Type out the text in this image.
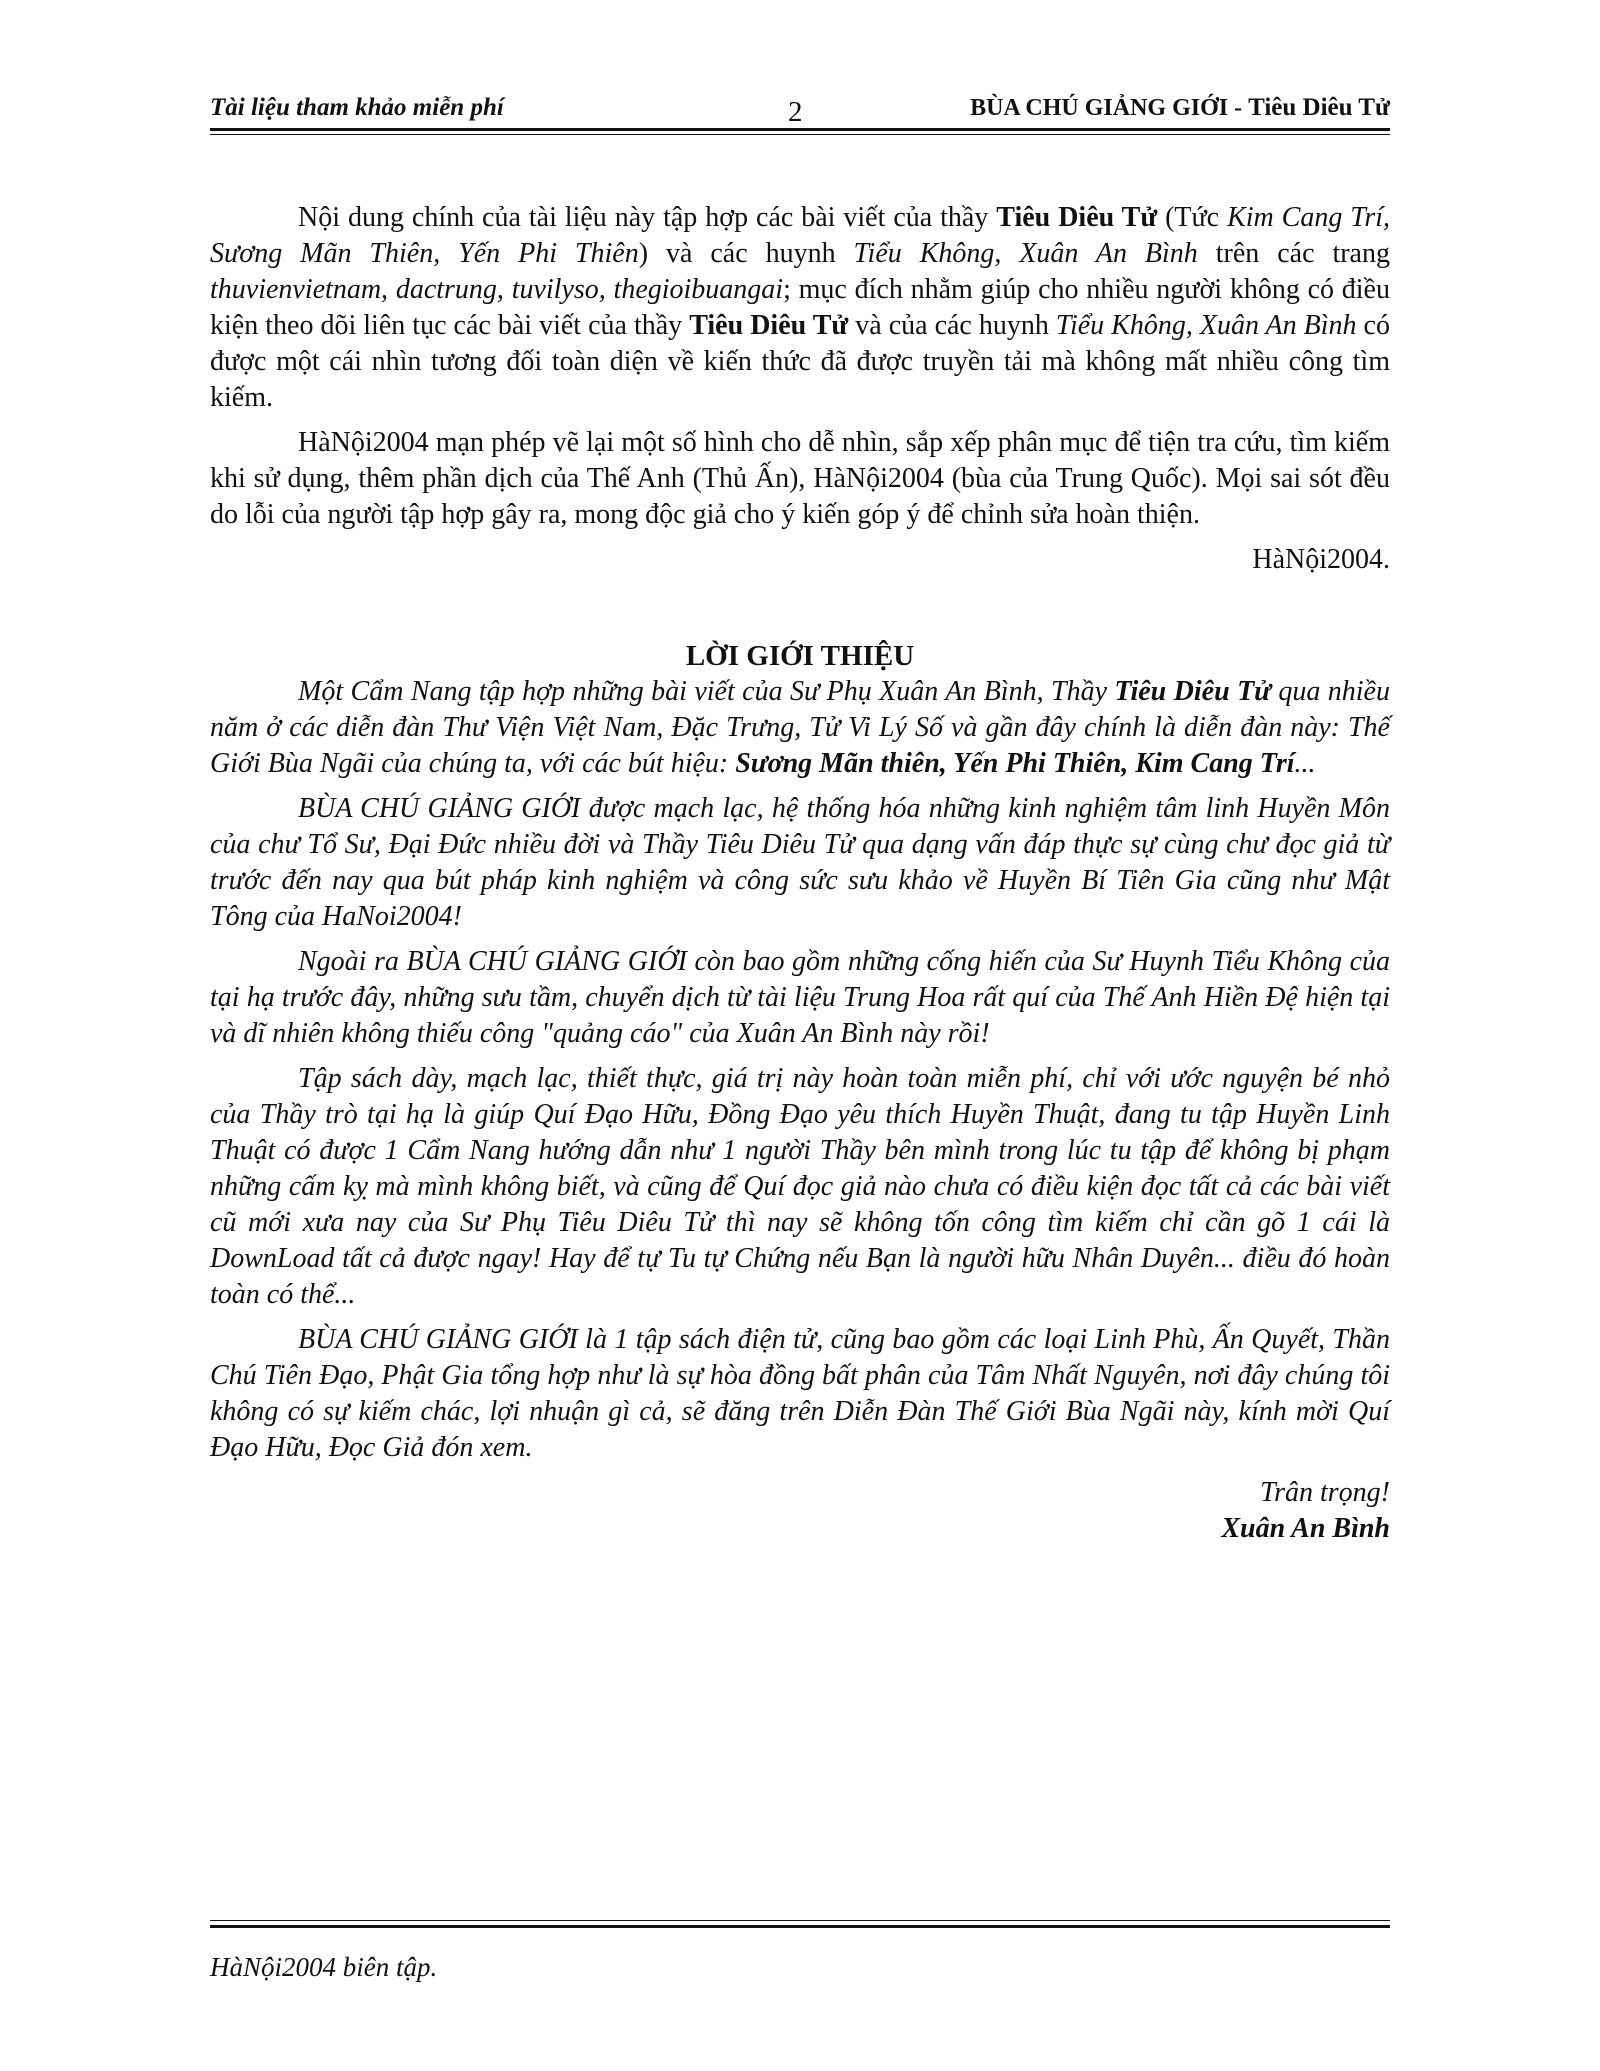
Tài liệu tham khảo miễn phí	2	BÙA CHÚ GIẢNG GIỚI - Tiêu Diêu Tử

Nội dung chính của tài liệu này tập hợp các bài viết của thầy Tiêu Diêu Tử (Tức Kim Cang Trí, Sương Mãn Thiên, Yến Phi Thiên) và các huynh Tiểu Không, Xuân An Bình trên các trang thuvienvietnam, dactrung, tuvilyso, thegioibuangai; mục đích nhằm giúp cho nhiều người không có điều kiện theo dõi liên tục các bài viết của thầy Tiêu Diêu Tử và của các huynh Tiểu Không, Xuân An Bình có được một cái nhìn tương đối toàn diện về kiến thức đã được truyền tải mà không mất nhiều công tìm kiếm.

HàNội2004 mạn phép vẽ lại một số hình cho dễ nhìn, sắp xếp phân mục để tiện tra cứu, tìm kiếm khi sử dụng, thêm phần dịch của Thế Anh (Thủ Ấn), HàNội2004 (bùa của Trung Quốc). Mọi sai sót đều do lỗi của người tập hợp gây ra, mong độc giả cho ý kiến góp ý để chỉnh sửa hoàn thiện.

HàNội2004.

LỜI GIỚI THIỆU

Một Cẩm Nang tập hợp những bài viết của Sư Phụ Xuân An Bình, Thầy Tiêu Diêu Tử qua nhiều năm ở các diễn đàn Thư Viện Việt Nam, Đặc Trưng, Tử Vi Lý Số và gần đây chính là diễn đàn này: Thế Giới Bùa Ngãi của chúng ta, với các bút hiệu: Sương Mãn thiên, Yến Phi Thiên, Kim Cang Trí...

BÙA CHÚ GIẢNG GIỚI được mạch lạc, hệ thống hóa những kinh nghiệm tâm linh Huyền Môn của chư Tổ Sư, Đại Đức nhiều đời và Thầy Tiêu Diêu Tử qua dạng vấn đáp thực sự cùng chư đọc giả từ trước đến nay qua bút pháp kinh nghiệm và công sức sưu khảo về Huyền Bí Tiên Gia cũng như Mật Tông của HaNoi2004!

Ngoài ra BÙA CHÚ GIẢNG GIỚI còn bao gồm những cống hiến của Sư Huynh Tiểu Không của tại hạ trước đây, những sưu tầm, chuyển dịch từ tài liệu Trung Hoa rất quí của Thế Anh Hiền Đệ hiện tại và dĩ nhiên không thiếu công "quảng cáo" của Xuân An Bình này rồi!

Tập sách dày, mạch lạc, thiết thực, giá trị này hoàn toàn miễn phí, chỉ với ước nguyện bé nhỏ của Thầy trò tại hạ là giúp Quí Đạo Hữu, Đồng Đạo yêu thích Huyền Thuật, đang tu tập Huyền Linh Thuật có được 1 Cẩm Nang hướng dẫn như 1 người Thầy bên mình trong lúc tu tập để không bị phạm những cấm kỵ mà mình không biết, và cũng để Quí đọc giả nào chưa có điều kiện đọc tất cả các bài viết cũ mới xưa nay của Sư Phụ Tiêu Diêu Tử thì nay sẽ không tốn công tìm kiếm chỉ cần gõ 1 cái là DownLoad tất cả được ngay! Hay để tự Tu tự Chứng nếu Bạn là người hữu Nhân Duyên... điều đó hoàn toàn có thể...

BÙA CHÚ GIẢNG GIỚI là 1 tập sách điện tử, cũng bao gồm các loại Linh Phù, Ấn Quyết, Thần Chú Tiên Đạo, Phật Gia tổng hợp như là sự hòa đồng bất phân của Tâm Nhất Nguyên, nơi đây chúng tôi không có sự kiếm chác, lợi nhuận gì cả, sẽ đăng trên Diễn Đàn Thế Giới Bùa Ngãi này, kính mời Quí Đạo Hữu, Đọc Giả đón xem.

Trân trọng!

Xuân An Bình

HàNội2004 biên tập.
